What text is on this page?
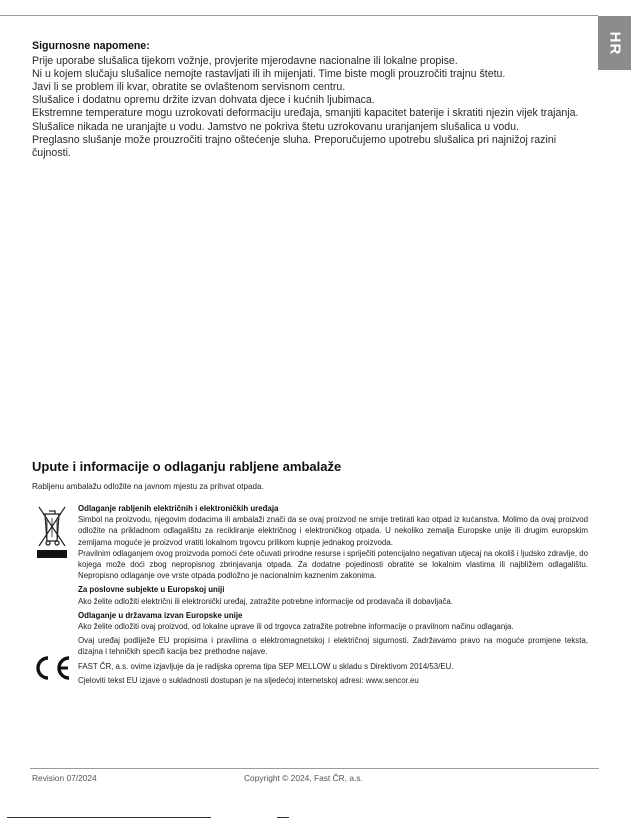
HR
Sigurnosne napomene:

Prije uporabe slušalica tijekom vožnje, provjerite mjerodavne nacionalne ili lokalne propise.

Ni u kojem slučaju slušalice nemojte rastavljati ili ih mijenjati. Time biste mogli prouzročiti trajnu štetu.

Javi li se problem ili kvar, obratite se ovlaštenom servisnom centru.

Slušalice i dodatnu opremu držite izvan dohvata djece i kućnih ljubimaca.

Ekstremne temperature mogu uzrokovati deformaciju uređaja, smanjiti kapacitet baterije i skratiti njezin vijek trajanja.

Slušalice nikada ne uranjajte u vodu. Jamstvo ne pokriva štetu uzrokovanu uranjanjem slušalica u vodu.

Preglasno slušanje može prouzročiti trajno oštećenje sluha. Preporučujemo upotrebu slušalica pri najnižoj razini čujnosti.

Upute i informacije o odlaganju rabljene ambalaže

Rabljenu ambalažu odložite na javnom mjestu za prihvat otpada.

Odlaganje rabljenih električnih i elektroničkih uređaja

Simbol na proizvodu, njegovim dodacima ili ambalaži znači da se ovaj proizvod ne smije tretirati kao otpad iz kućanstva. Molimo da ovaj proizvod odložite na prikladnom odlagalištu za recikliranje električnog i elektroničkog otpada. U nekoliko zemalja Europske unije ili drugim europskim zemljama moguće je proizvod vratiti lokalnom trgovcu prilikom kupnje jednakog proizvoda.

Pravilnim odlaganjem ovog proizvoda pomoći ćete očuvati prirodne resurse i spriječiti potencijalno negativan utjecaj na okoliš i ljudsko zdravlje, do kojega može doći zbog nepropisnog zbrinjavanja otpada. Za dodatne pojedinosti obratite se lokalnim vlastima ili najbližem odlagalištu. Nepropisno odlaganje ove vrste otpada podložno je nacionalnim kaznenim zakonima.

Za poslovne subjekte u Europskoj uniji

Ako želite odložiti električni ili elektronički uređaj, zatražite potrebne informacije od prodavača ili dobavljača.

Odlaganje u državama izvan Europske unije

Ako želite odložiti ovaj proizvod, od lokalne uprave ili od trgovca zatražite potrebne informacije o pravilnom načinu odlaganja.

Ovaj uređaj podliježe EU propisima i pravilima o elektromagnetskoj i električnoj sigurnosti. Zadržavamo pravo na moguće promjene teksta, dizajna i tehničkih specifi kacija bez prethodne najave.

FAST ČR, a.s. ovime izjavljuje da je radijska oprema tipa SEP MELLOW u skladu s Direktivom 2014/53/EU.

Cjeloviti tekst EU izjave o sukladnosti dostupan je na sljedećoj internetskoj adresi: www.sencor.eu

Revision 07/2024	Copyright © 2024, Fast ČR, a.s.
